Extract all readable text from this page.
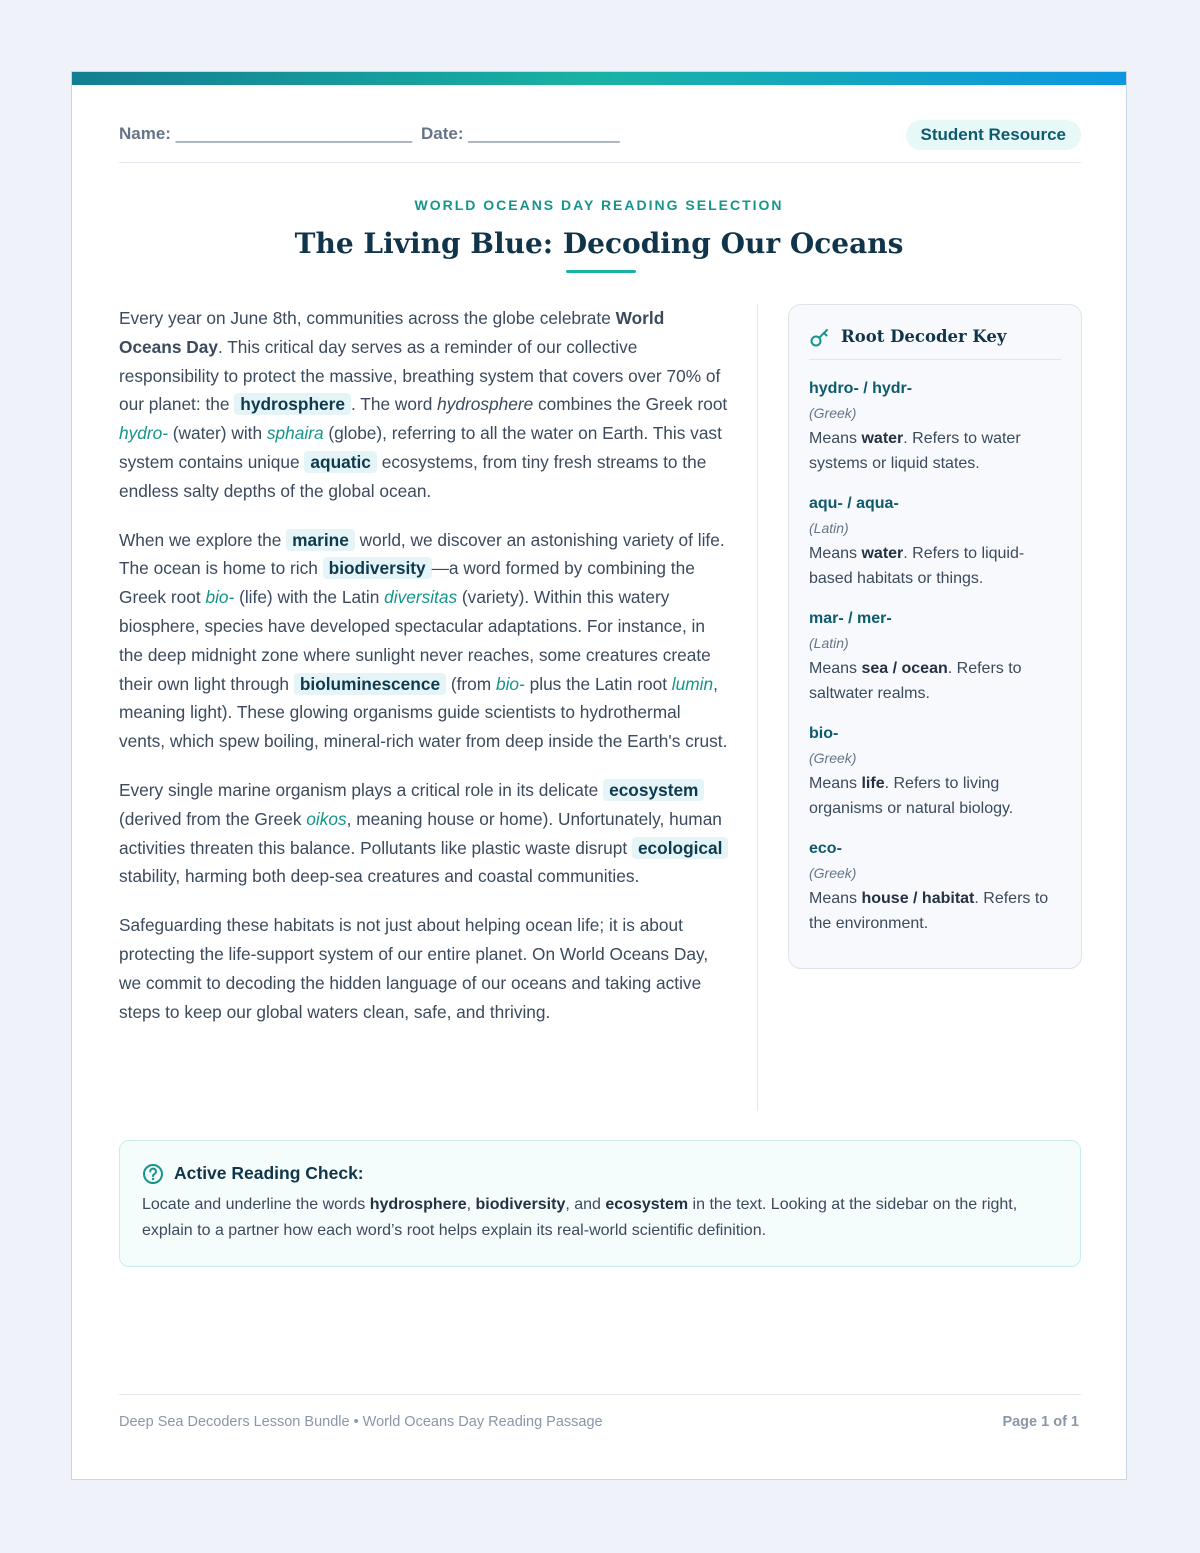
Name: _________________________ Date: ________________	Student Resource
WORLD OCEANS DAY READING SELECTION
The Living Blue: Decoding Our Oceans

Every year on June 8th, communities across the globe celebrate World Oceans Day. This critical day serves as a reminder of our collective responsibility to protect the massive, breathing system that covers over 70% of our planet: the hydrosphere . The word hydrosphere combines the Greek root hydro- (water) with sphaira (globe), referring to all the water on Earth. This vast system contains unique aquatic ecosystems, from tiny fresh streams to the endless salty depths of the global ocean.

When we explore the marine world, we discover an astonishing variety of life. The ocean is home to rich biodiversity —a word formed by combining the Greek root bio- (life) with the Latin diversitas (variety). Within this watery biosphere, species have developed spectacular adaptations. For instance, in the deep midnight zone where sunlight never reaches, some creatures create their own light through bioluminescence (from bio- plus the Latin root lumin, meaning light). These glowing organisms guide scientists to hydrothermal vents, which spew boiling, mineral-rich water from deep inside the Earth's crust.

Every single marine organism plays a critical role in its delicate ecosystem (derived from the Greek oikos, meaning house or home). Unfortunately, human activities threaten this balance. Pollutants like plastic waste disrupt ecological stability, harming both deep-sea creatures and coastal communities.

Safeguarding these habitats is not just about helping ocean life; it is about protecting the life-support system of our entire planet. On World Oceans Day, we commit to decoding the hidden language of our oceans and taking active steps to keep our global waters clean, safe, and thriving.

Root Decoder Key
hydro- / hydr-
(Greek)
Means water. Refers to water systems or liquid states.
aqu- / aqua-
(Latin)
Means water. Refers to liquid-based habitats or things.
mar- / mer-
(Latin)
Means sea / ocean. Refers to saltwater realms.
bio-
(Greek)
Means life. Refers to living organisms or natural biology.
eco-
(Greek)
Means house / habitat. Refers to the environment.
Active Reading Check:
Locate and underline the words hydrosphere, biodiversity, and ecosystem in the text. Looking at the sidebar on the right, explain to a partner how each word’s root helps explain its real-world scientific definition.
Deep Sea Decoders Lesson Bundle • World Oceans Day Reading Passage	Page 1 of 1
